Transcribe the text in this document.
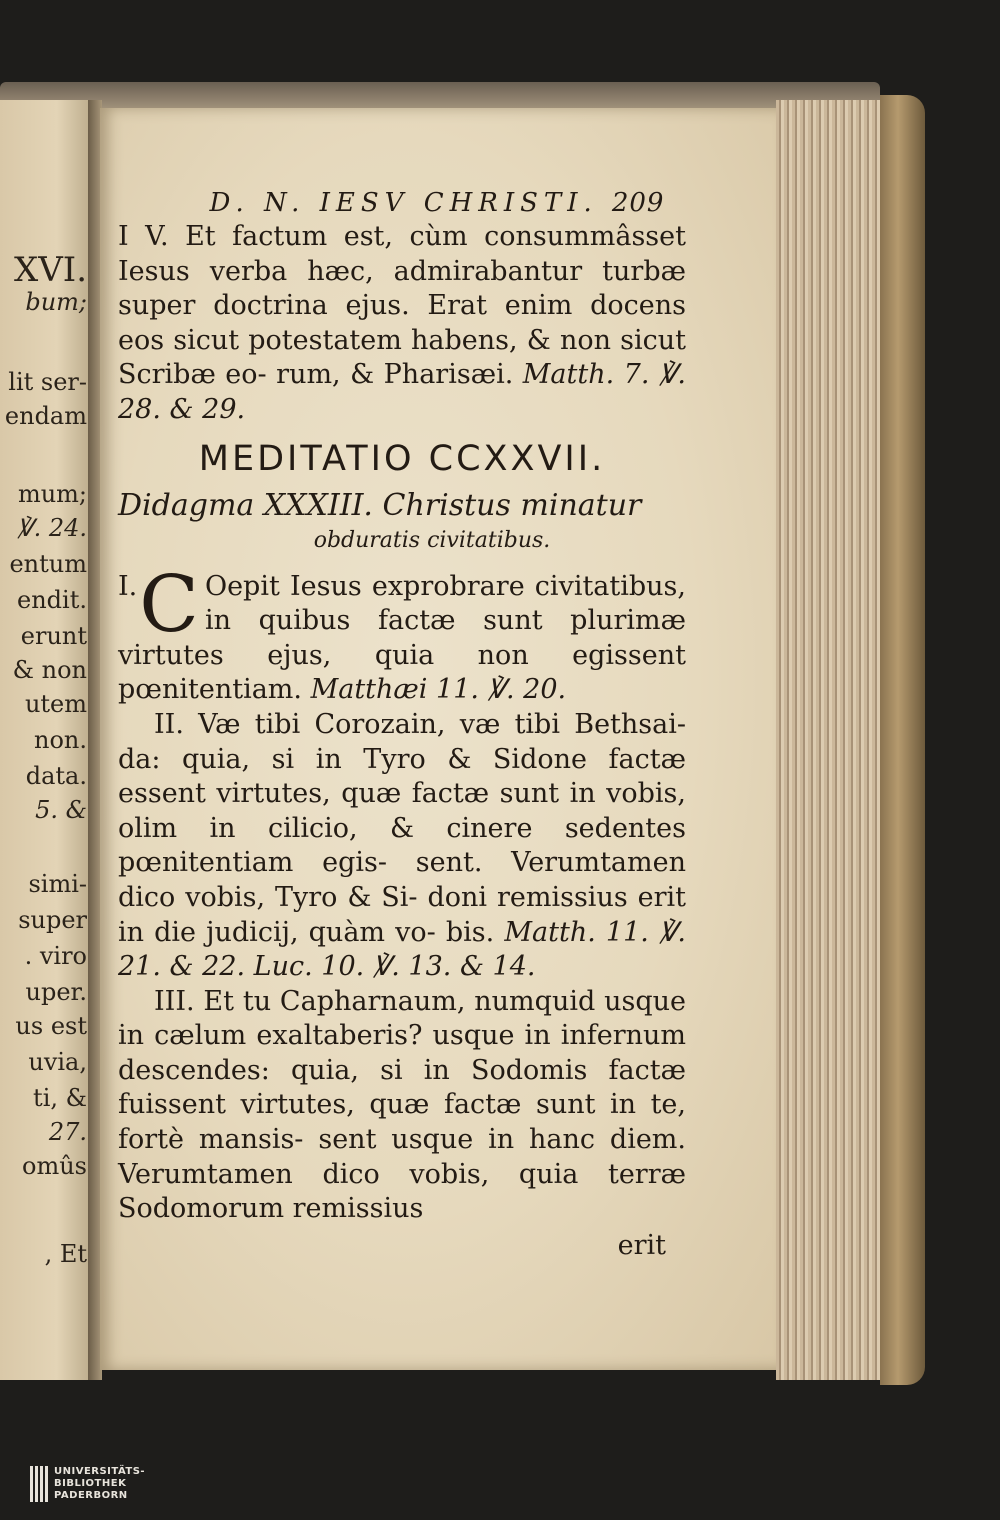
XVI.
bum;
lit ser-
endam
mum;
℣. 24.
entum
endit.
erunt
& non
utem
non.
data.
5. &
simi-
super
. viro
uper.
us est
uvia,
ti, &
27.
omûs
, Et
D. N. IESV CHRISTI. 209

I V. Et factum est, cùm consummâsset Iesus verba hæc, admirabantur turbæ super doctrina ejus. Erat enim docens eos sicut potestatem habens, & non sicut Scribæ eo- rum, & Pharisæi. Matth. 7. ℣. 28. & 29.

MEDITATIO CCXXVII.
Didagma XXXIII. Christus minatur
obduratis civitatibus.

I. C Oepit Iesus exprobrare civitatibus, in quibus factæ sunt plurimæ virtutes ejus, quia non egissent pœnitentiam. Matthæi 11. ℣. 20.

II. Væ tibi Corozain, væ tibi Bethsai- da: quia, si in Tyro & Sidone factæ essent virtutes, quæ factæ sunt in vobis, olim in cilicio, & cinere sedentes pœnitentiam egis- sent. Verumtamen dico vobis, Tyro & Si- doni remissius erit in die judicij, quàm vo- bis. Matth. 11. ℣. 21. & 22. Luc. 10. ℣. 13. & 14.

III. Et tu Capharnaum, numquid usque in cælum exaltaberis? usque in infernum descendes: quia, si in Sodomis factæ fuissent virtutes, quæ factæ sunt in te, fortè mansis- sent usque in hanc diem. Verumtamen dico vobis, quia terræ Sodomorum remissius

erit
UNIVERSITÄTS-
BIBLIOTHEK
PADERBORN
